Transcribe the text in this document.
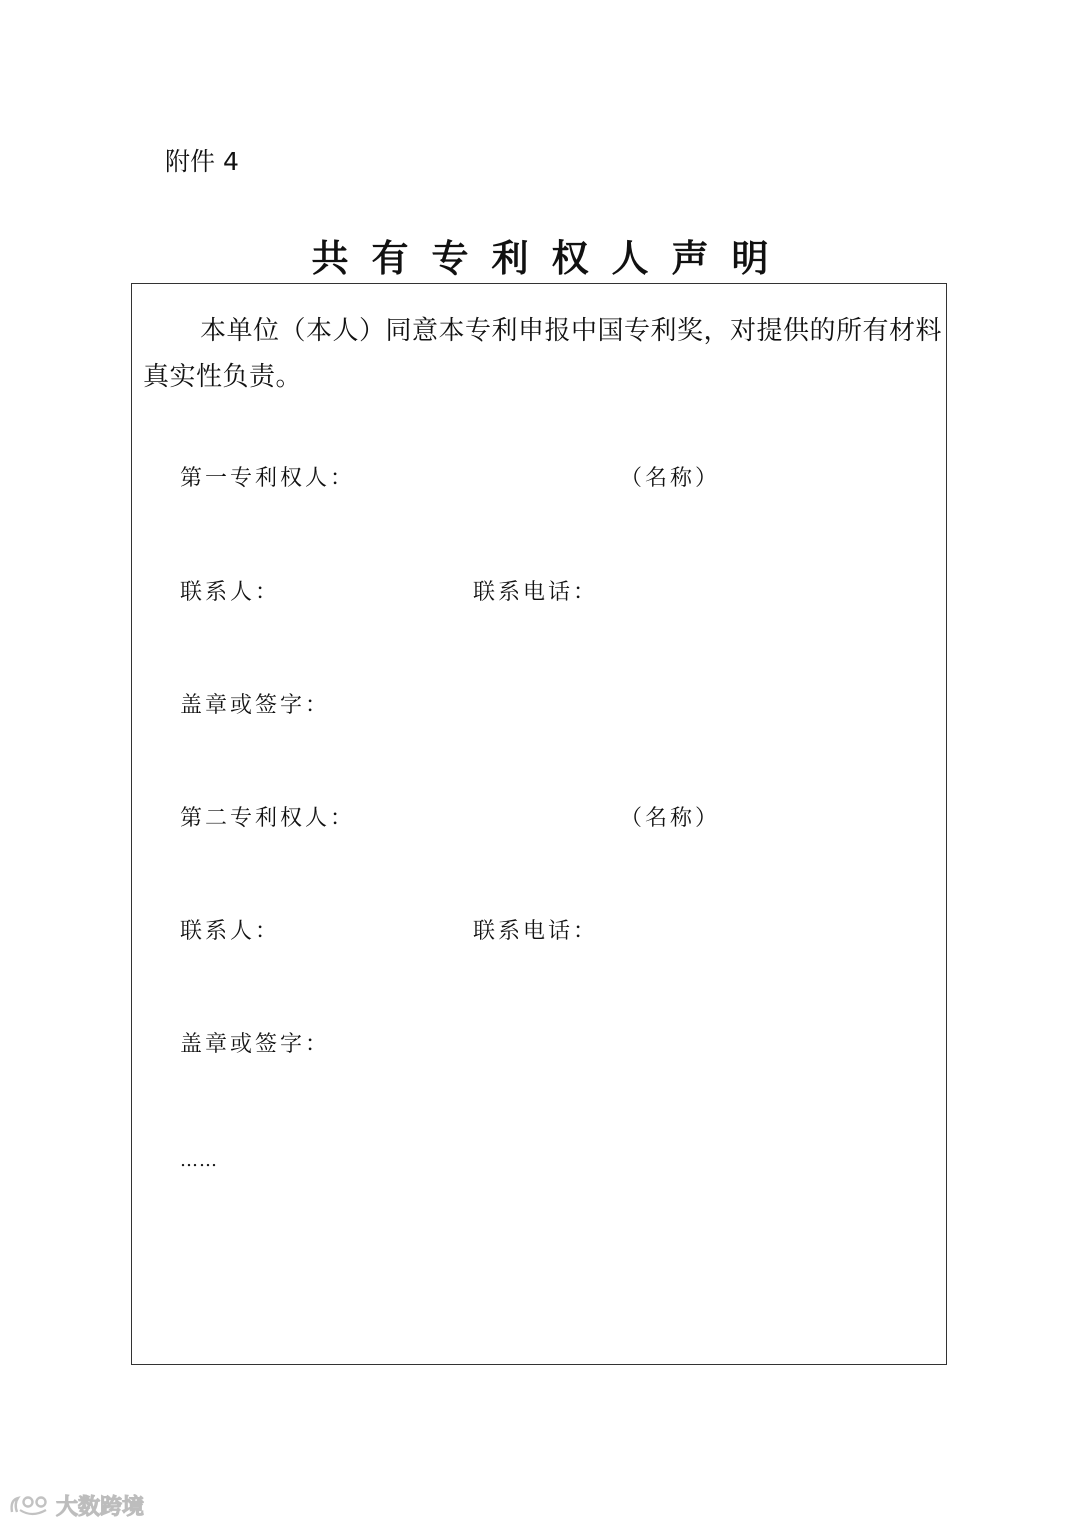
附件 4
共有专利权人声明
本单位（本人）同意本专利申报中国专利奖，对提供的所有材料真实性负责。
第一专利权人：	（名称）
联系人：	联系电话：
盖章或签字：
第二专利权人：	（名称）
联系人：	联系电话：
盖章或签字：
……
大数跨境
